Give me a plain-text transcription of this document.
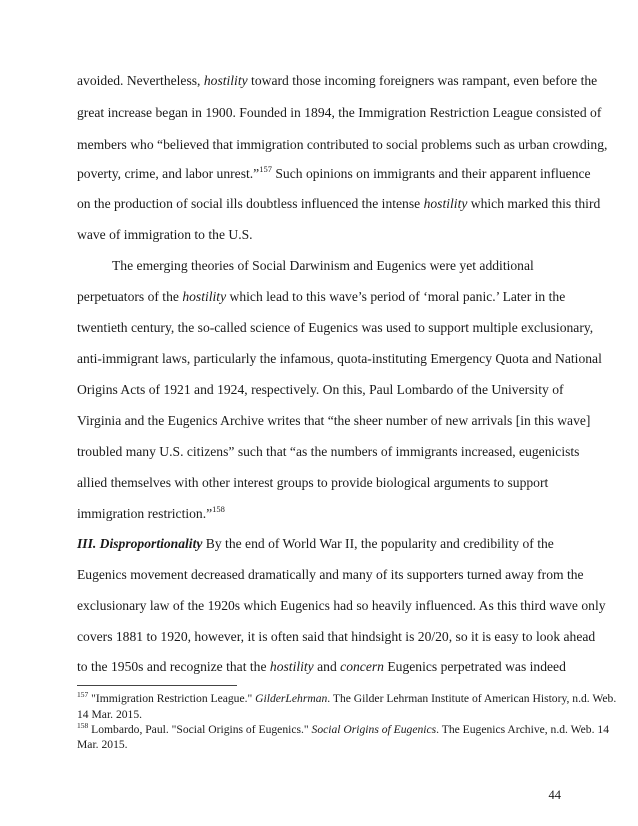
avoided. Nevertheless, hostility toward those incoming foreigners was rampant, even before the
great increase began in 1900. Founded in 1894, the Immigration Restriction League consisted of
members who “believed that immigration contributed to social problems such as urban crowding,
poverty, crime, and labor unrest.”$^{157}$ Such opinions on immigrants and their apparent influence
on the production of social ills doubtless influenced the intense hostility which marked this third
wave of immigration to the U.S.
The emerging theories of Social Darwinism and Eugenics were yet additional
perpetuators of the hostility which lead to this wave’s period of ‘moral panic.’ Later in the
twentieth century, the so-called science of Eugenics was used to support multiple exclusionary,
anti-immigrant laws, particularly the infamous, quota-instituting Emergency Quota and National
Origins Acts of 1921 and 1924, respectively. On this, Paul Lombardo of the University of
Virginia and the Eugenics Archive writes that “the sheer number of new arrivals [in this wave]
troubled many U.S. citizens” such that “as the numbers of immigrants increased, eugenicists
allied themselves with other interest groups to provide biological arguments to support
immigration restriction.”$^{158}$
III. Disproportionality By the end of World War II, the popularity and credibility of the
Eugenics movement decreased dramatically and many of its supporters turned away from the
exclusionary law of the 1920s which Eugenics had so heavily influenced. As this third wave only
covers 1881 to 1920, however, it is often said that hindsight is 20/20, so it is easy to look ahead
to the 1950s and recognize that the hostility and concern Eugenics perpetrated was indeed
$^{157}$ "Immigration Restriction League." GilderLehrman. The Gilder Lehrman Institute of American History, n.d. Web.
14 Mar. 2015.
$^{158}$ Lombardo, Paul. "Social Origins of Eugenics." Social Origins of Eugenics. The Eugenics Archive, n.d. Web. 14
Mar. 2015.
44
